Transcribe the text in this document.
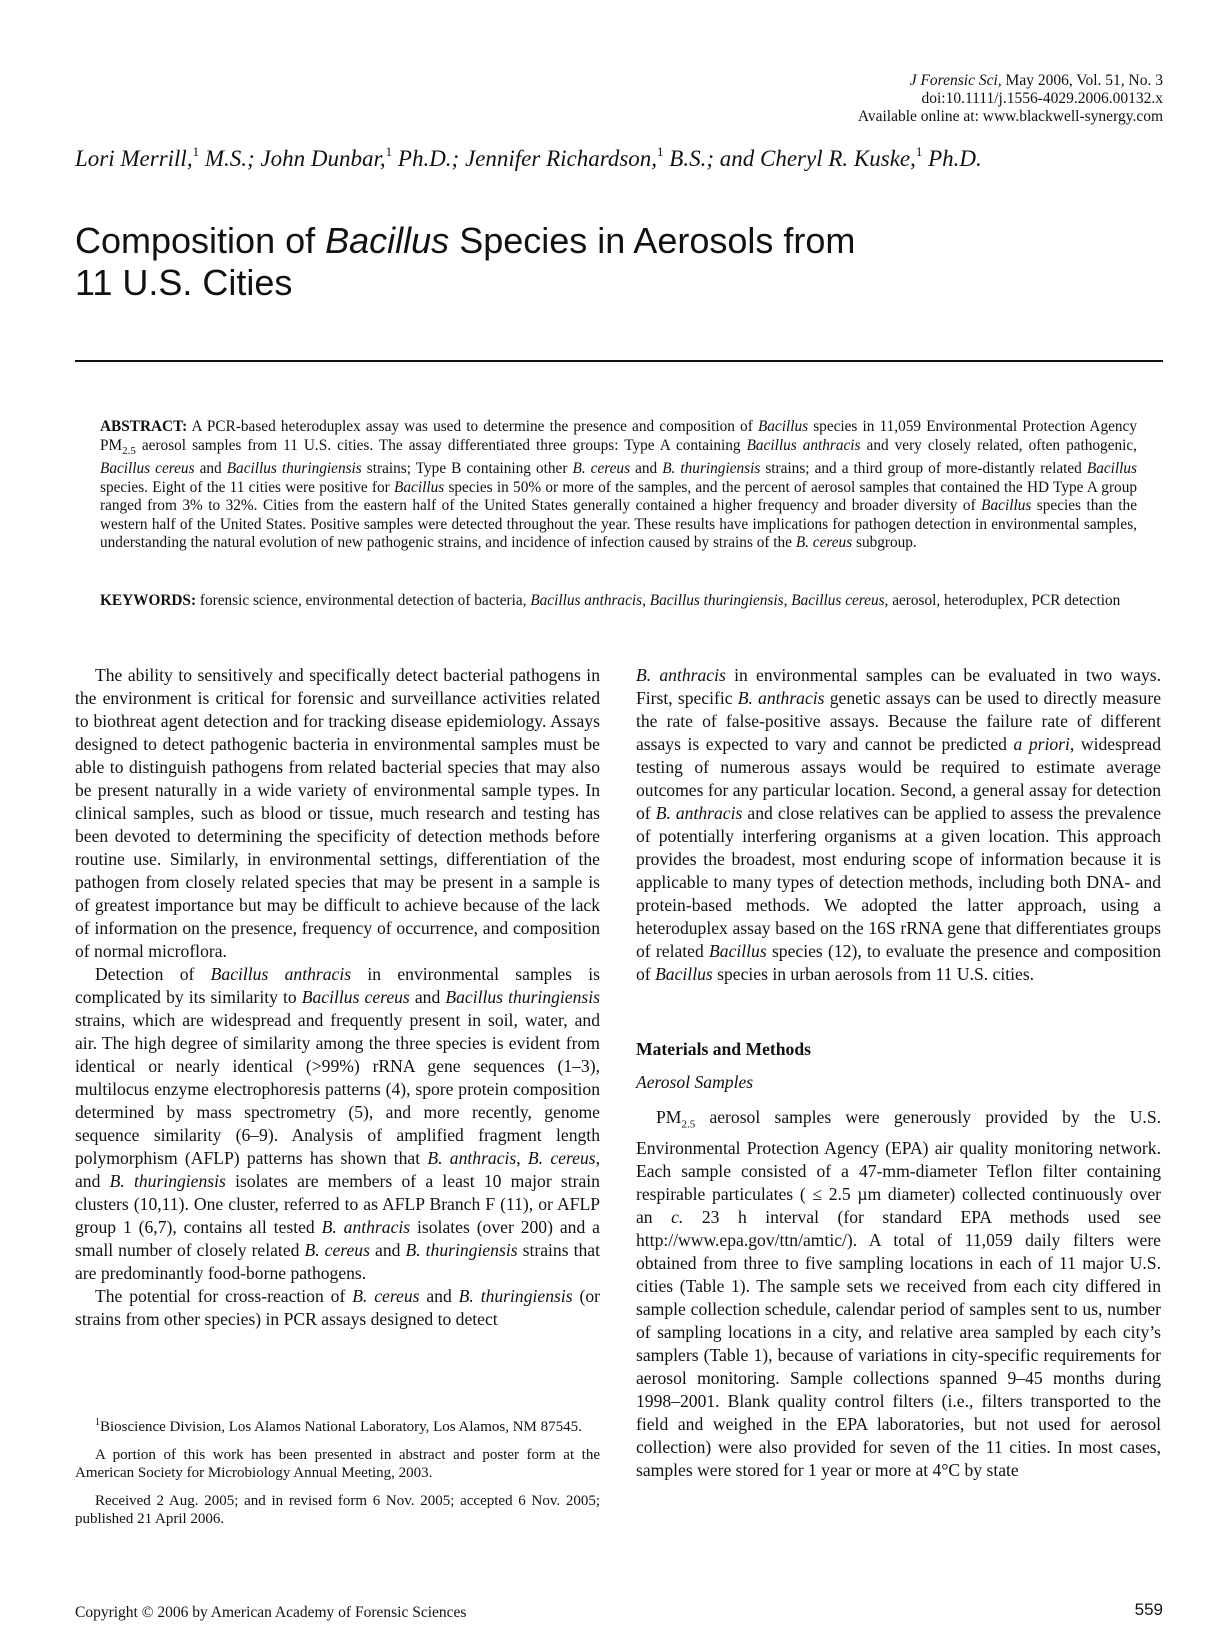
J Forensic Sci, May 2006, Vol. 51, No. 3
doi:10.1111/j.1556-4029.2006.00132.x
Available online at: www.blackwell-synergy.com
Lori Merrill,$^1$ M.S.; John Dunbar,$^1$ Ph.D.; Jennifer Richardson,$^1$ B.S.; and Cheryl R. Kuske,$^1$ Ph.D.
Composition of Bacillus Species in Aerosols from
11 U.S. Cities

ABSTRACT: A PCR-based heteroduplex assay was used to determine the presence and composition of Bacillus species in 11,059 Environmental Protection Agency $PM_{2.5}$ aerosol samples from 11 U.S. cities. The assay differentiated three groups: Type A containing Bacillus anthracis and very closely related, often pathogenic, Bacillus cereus and Bacillus thuringiensis strains; Type B containing other B. cereus and B. thuringiensis strains; and a third group of more-distantly related Bacillus species. Eight of the 11 cities were positive for Bacillus species in 50% or more of the samples, and the percent of aerosol samples that contained the HD Type A group ranged from 3% to 32%. Cities from the eastern half of the United States generally contained a higher frequency and broader diversity of Bacillus species than the western half of the United States. Positive samples were detected throughout the year. These results have implications for pathogen detection in environmental samples, understanding the natural evolution of new pathogenic strains, and incidence of infection caused by strains of the B. cereus subgroup.

KEYWORDS: forensic science, environmental detection of bacteria, Bacillus anthracis, Bacillus thuringiensis, Bacillus cereus, aerosol, heteroduplex, PCR detection

The ability to sensitively and specifically detect bacterial pathogens in the environment is critical for forensic and surveillance activities related to biothreat agent detection and for tracking disease epidemiology. Assays designed to detect pathogenic bacteria in environmental samples must be able to distinguish pathogens from related bacterial species that may also be present naturally in a wide variety of environmental sample types. In clinical samples, such as blood or tissue, much research and testing has been devoted to determining the specificity of detection methods before routine use. Similarly, in environmental settings, differentiation of the pathogen from closely related species that may be present in a sample is of greatest importance but may be difficult to achieve because of the lack of information on the presence, frequency of occurrence, and composition of normal microflora.

Detection of Bacillus anthracis in environmental samples is complicated by its similarity to Bacillus cereus and Bacillus thuringiensis strains, which are widespread and frequently present in soil, water, and air. The high degree of similarity among the three species is evident from identical or nearly identical (>99%) rRNA gene sequences (1–3), multilocus enzyme electrophoresis patterns (4), spore protein composition determined by mass spectrometry (5), and more recently, genome sequence similarity (6–9). Analysis of amplified fragment length polymorphism (AFLP) patterns has shown that B. anthracis, B. cereus, and B. thuringiensis isolates are members of a least 10 major strain clusters (10,11). One cluster, referred to as AFLP Branch F (11), or AFLP group 1 (6,7), contains all tested B. anthracis isolates (over 200) and a small number of closely related B. cereus and B. thuringiensis strains that are predominantly food-borne pathogens.

The potential for cross-reaction of B. cereus and B. thuringiensis (or strains from other species) in PCR assays designed to detect

B. anthracis in environmental samples can be evaluated in two ways. First, specific B. anthracis genetic assays can be used to directly measure the rate of false-positive assays. Because the failure rate of different assays is expected to vary and cannot be predicted a priori, widespread testing of numerous assays would be required to estimate average outcomes for any particular location. Second, a general assay for detection of B. anthracis and close relatives can be applied to assess the prevalence of potentially interfering organisms at a given location. This approach provides the broadest, most enduring scope of information because it is applicable to many types of detection methods, including both DNA- and protein-based methods. We adopted the latter approach, using a heteroduplex assay based on the 16S rRNA gene that differentiates groups of related Bacillus species (12), to evaluate the presence and composition of Bacillus species in urban aerosols from 11 U.S. cities.

Materials and Methods

Aerosol Samples

$PM_{2.5}$ aerosol samples were generously provided by the U.S. Environmental Protection Agency (EPA) air quality monitoring network. Each sample consisted of a 47-mm-diameter Teflon filter containing respirable particulates ( ≤ 2.5 µm diameter) collected continuously over an c. 23 h interval (for standard EPA methods used see http://www.epa.gov/ttn/amtic/). A total of 11,059 daily filters were obtained from three to five sampling locations in each of 11 major U.S. cities (Table 1). The sample sets we received from each city differed in sample collection schedule, calendar period of samples sent to us, number of sampling locations in a city, and relative area sampled by each city’s samplers (Table 1), because of variations in city-specific requirements for aerosol monitoring. Sample collections spanned 9–45 months during 1998–2001. Blank quality control filters (i.e., filters transported to the field and weighed in the EPA laboratories, but not used for aerosol collection) were also provided for seven of the 11 cities. In most cases, samples were stored for 1 year or more at 4°C by state

$^1$Bioscience Division, Los Alamos National Laboratory, Los Alamos, NM 87545.

A portion of this work has been presented in abstract and poster form at the American Society for Microbiology Annual Meeting, 2003.

Received 2 Aug. 2005; and in revised form 6 Nov. 2005; accepted 6 Nov. 2005; published 21 April 2006.

Copyright © 2006 by American Academy of Forensic Sciences	559
